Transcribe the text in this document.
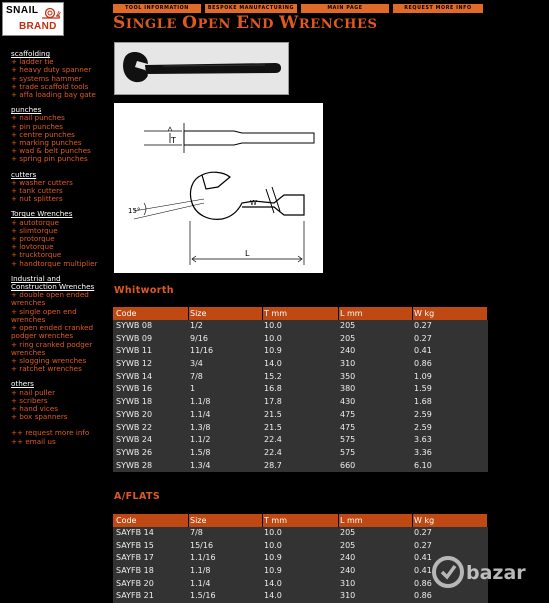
SNAIL
BRAND
scaffolding
+ ladder tie
+ heavy duty spanner
+ systems hammer
+ trade scaffold tools
+ affa loading bay gate
punches
+ nail punches
+ pin punches
+ centre punches
+ marking punches
+ wad & belt punches
+ spring pin punches
cutters
+ washer cutters
+ tank cutters
+ nut splitters
Torque Wrenches
+ autotorque
+ slimtorque
+ protorque
+ lovtorque
+ trucktorque
+ handtorque multiplier
Industrial and
Construction Wrenches
+ double open ended
wrenches
+ single open end
wrenches
+ open ended cranked
podger wrenches
+ ring cranked podger
wrenches
+ slogging wrenches
+ ratchet wrenches
others
+ nail puller
+ scribers
+ hand vices
+ box spanners
++ request more info
++ email us
TOOL INFORMATION	BESPOKE MANUFACTURING	MAIN PAGE	REQUEST MORE INFO
SINGLE OPEN END WRENCHES
T
W
15°
L
Whitworth
Code	Size	T mm	L mm	W kg
SYWB 08	1/2	10.0	205	0.27
SYWB 09	9/16	10.0	205	0.27
SYWB 11	11/16	10.9	240	0.41
SYWB 12	3/4	14.0	310	0.86
SYWB 14	7/8	15.2	350	1.09
SYWB 16	1	16.8	380	1.59
SYWB 18	1.1/8	17.8	430	1.68
SYWB 20	1.1/4	21.5	475	2.59
SYWB 22	1.3/8	21.5	475	2.59
SYWB 24	1.1/2	22.4	575	3.63
SYWB 26	1.5/8	22.4	575	3.36
SYWB 28	1.3/4	28.7	660	6.10
A/FLATS
Code	Size	T mm	L mm	W kg
SAYFB 14	7/8	10.0	205	0.27
SAYFB 15	15/16	10.0	205	0.27
SAYFB 17	1.1/16	10.9	240	0.41
SAYFB 18	1.1/8	10.9	240	0.41
SAYFB 20	1.1/4	14.0	310	0.86
SAYFB 21	1.5/16	14.0	310	0.86
bazar
